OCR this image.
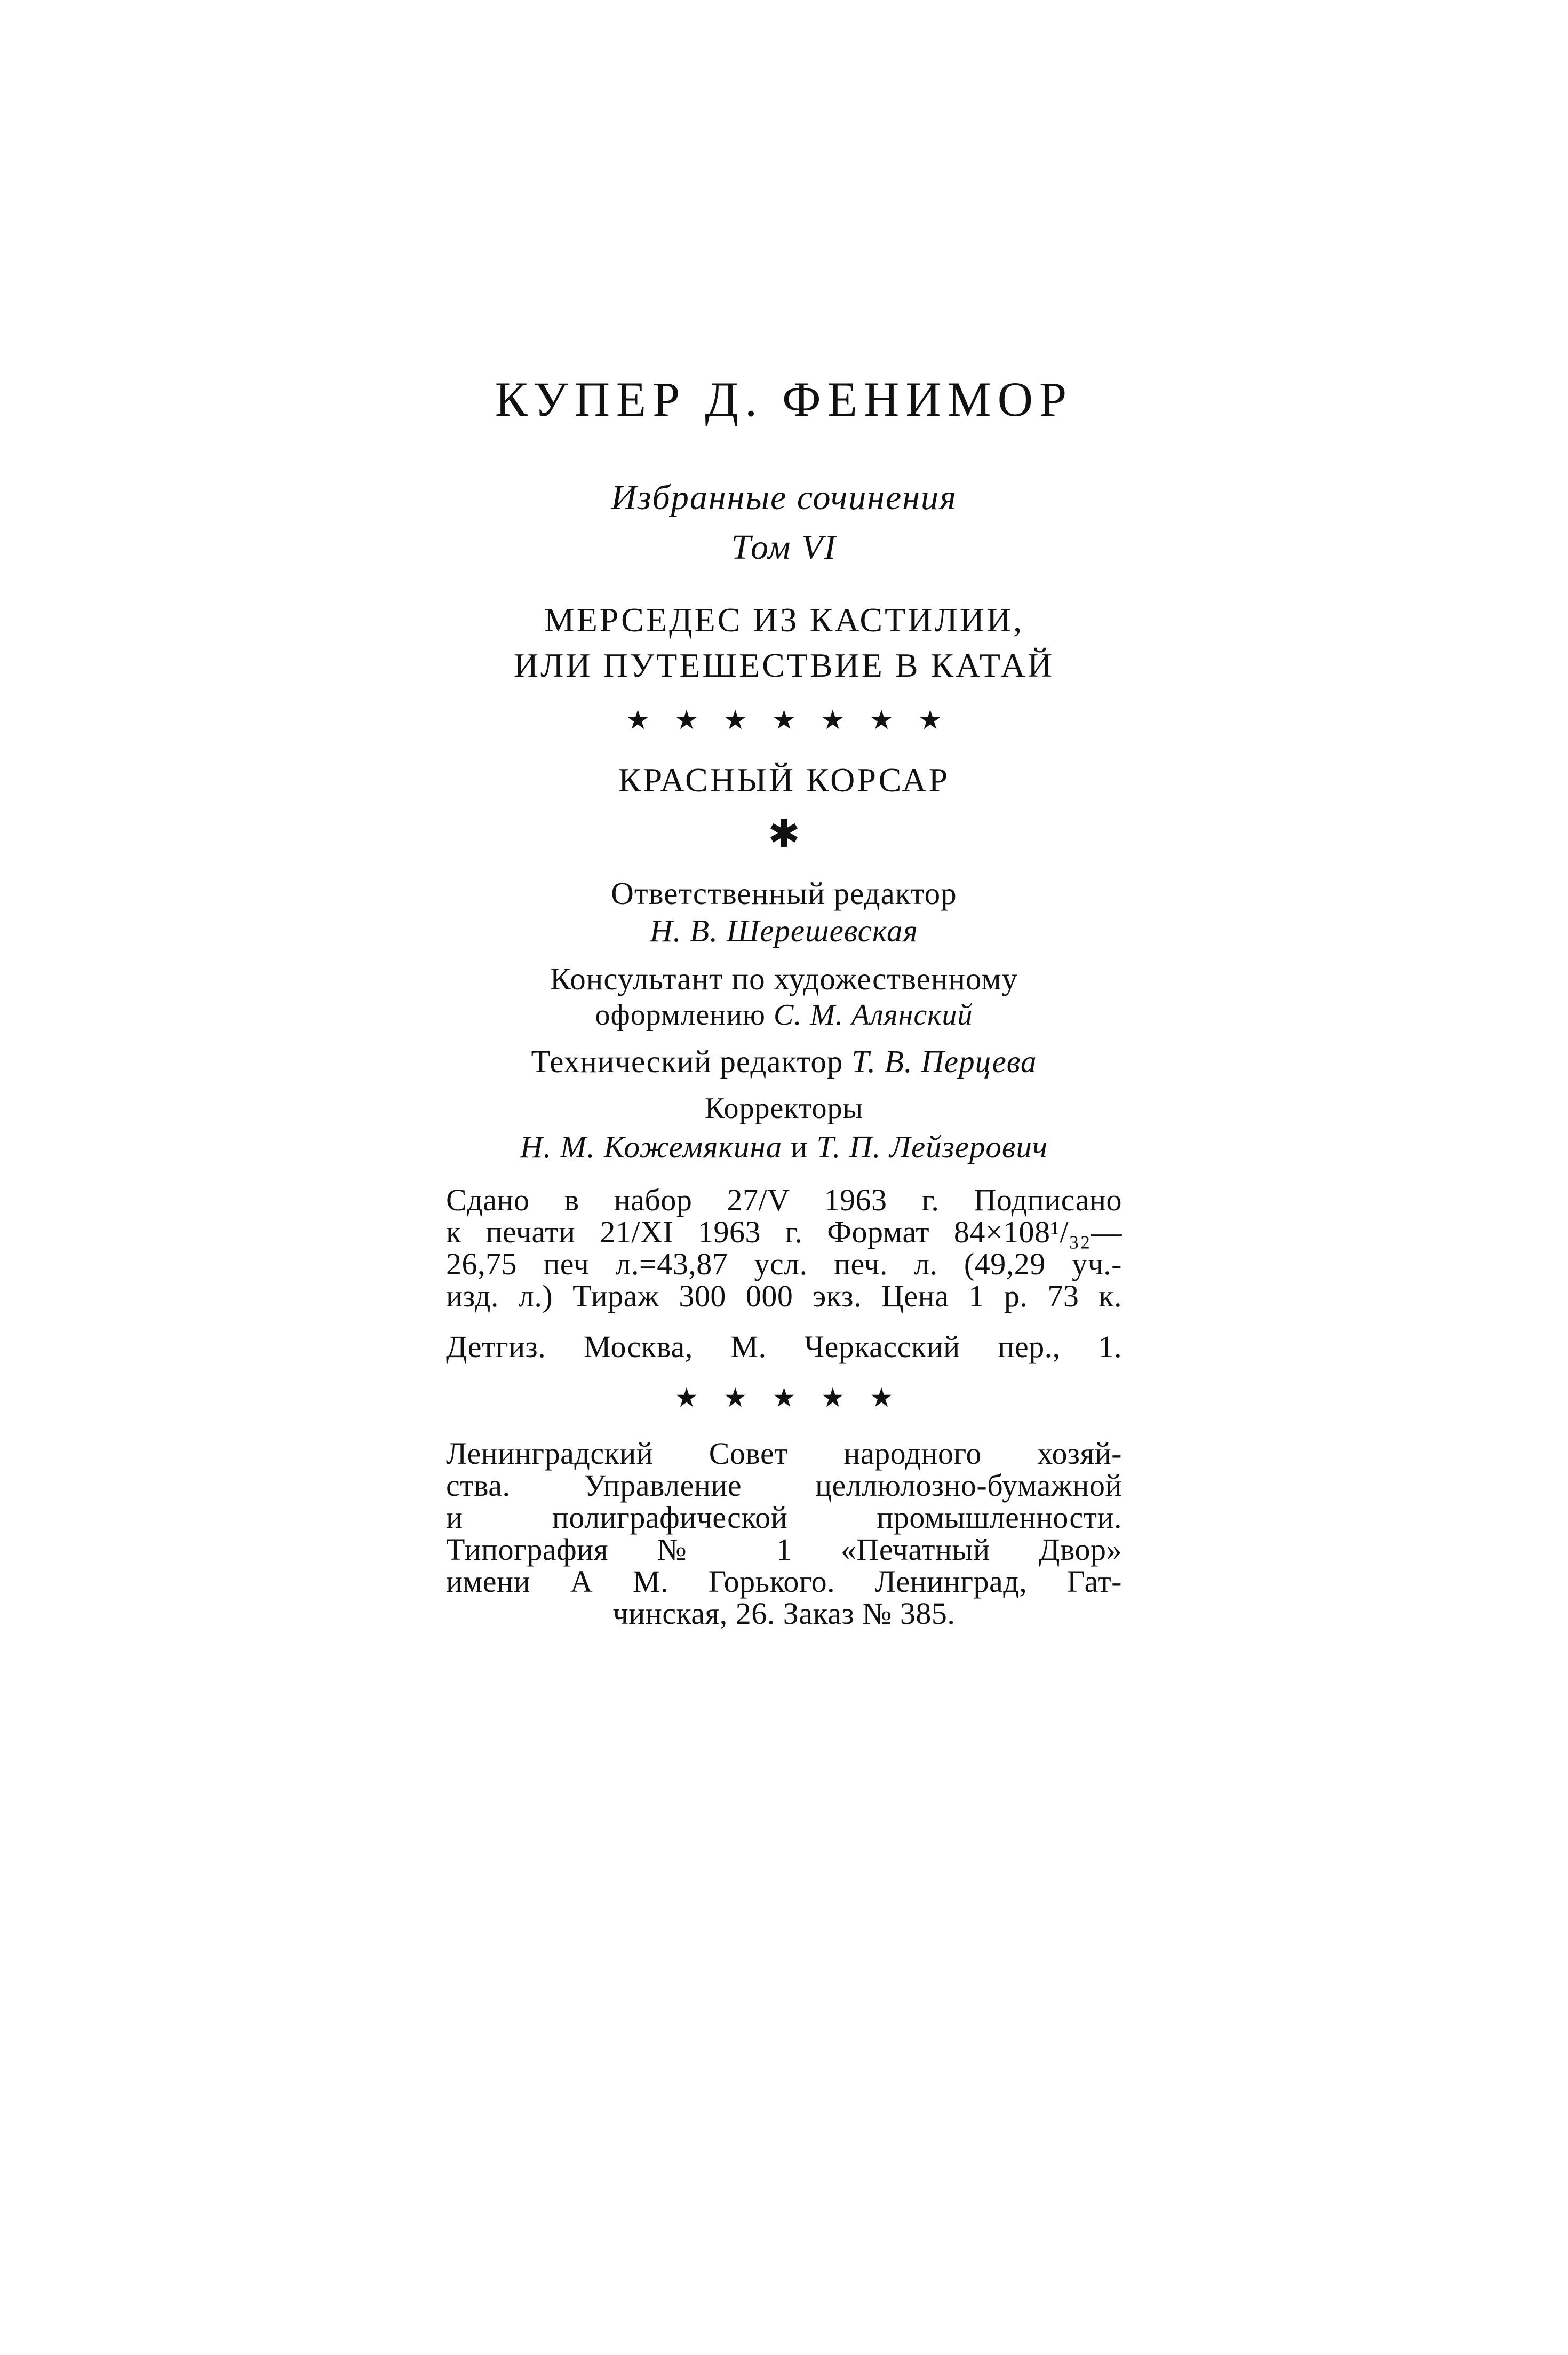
КУПЕР Д. ФЕНИМОР
Избранные сочинения
Том VI
МЕРСЕДЕС ИЗ КАСТИЛИИ,
ИЛИ ПУТЕШЕСТВИЕ В КАТАЙ
★ ★ ★ ★ ★ ★ ★
КРАСНЫЙ КОРСАР
✱
Ответственный редактор
Н. В. Шерешевская
Консультант по художественному
оформлению С. М. Алянский
Технический редактор Т. В. Перцева
Корректоры
Н. М. Кожемякина и Т. П. Лейзерович
Сдано в набор 27/V 1963 г. Подписано
к печати 21/XI 1963 г. Формат 84×108¹/₃₂—
26,75 печ л.=43,87 усл. печ. л. (49,29 уч.-
изд. л.) Тираж 300 000 экз. Цена 1 р. 73 к.
Детгиз. Москва, М. Черкасский пер., 1.
★ ★ ★ ★ ★
Ленинградский Совет народного хозяй-
ства. Управление целлюлозно-бумажной
и полиграфической промышленности.
Типография № 1 «Печатный Двор»
имени А М. Горького. Ленинград, Гат-
чинская, 26. Заказ № 385.
